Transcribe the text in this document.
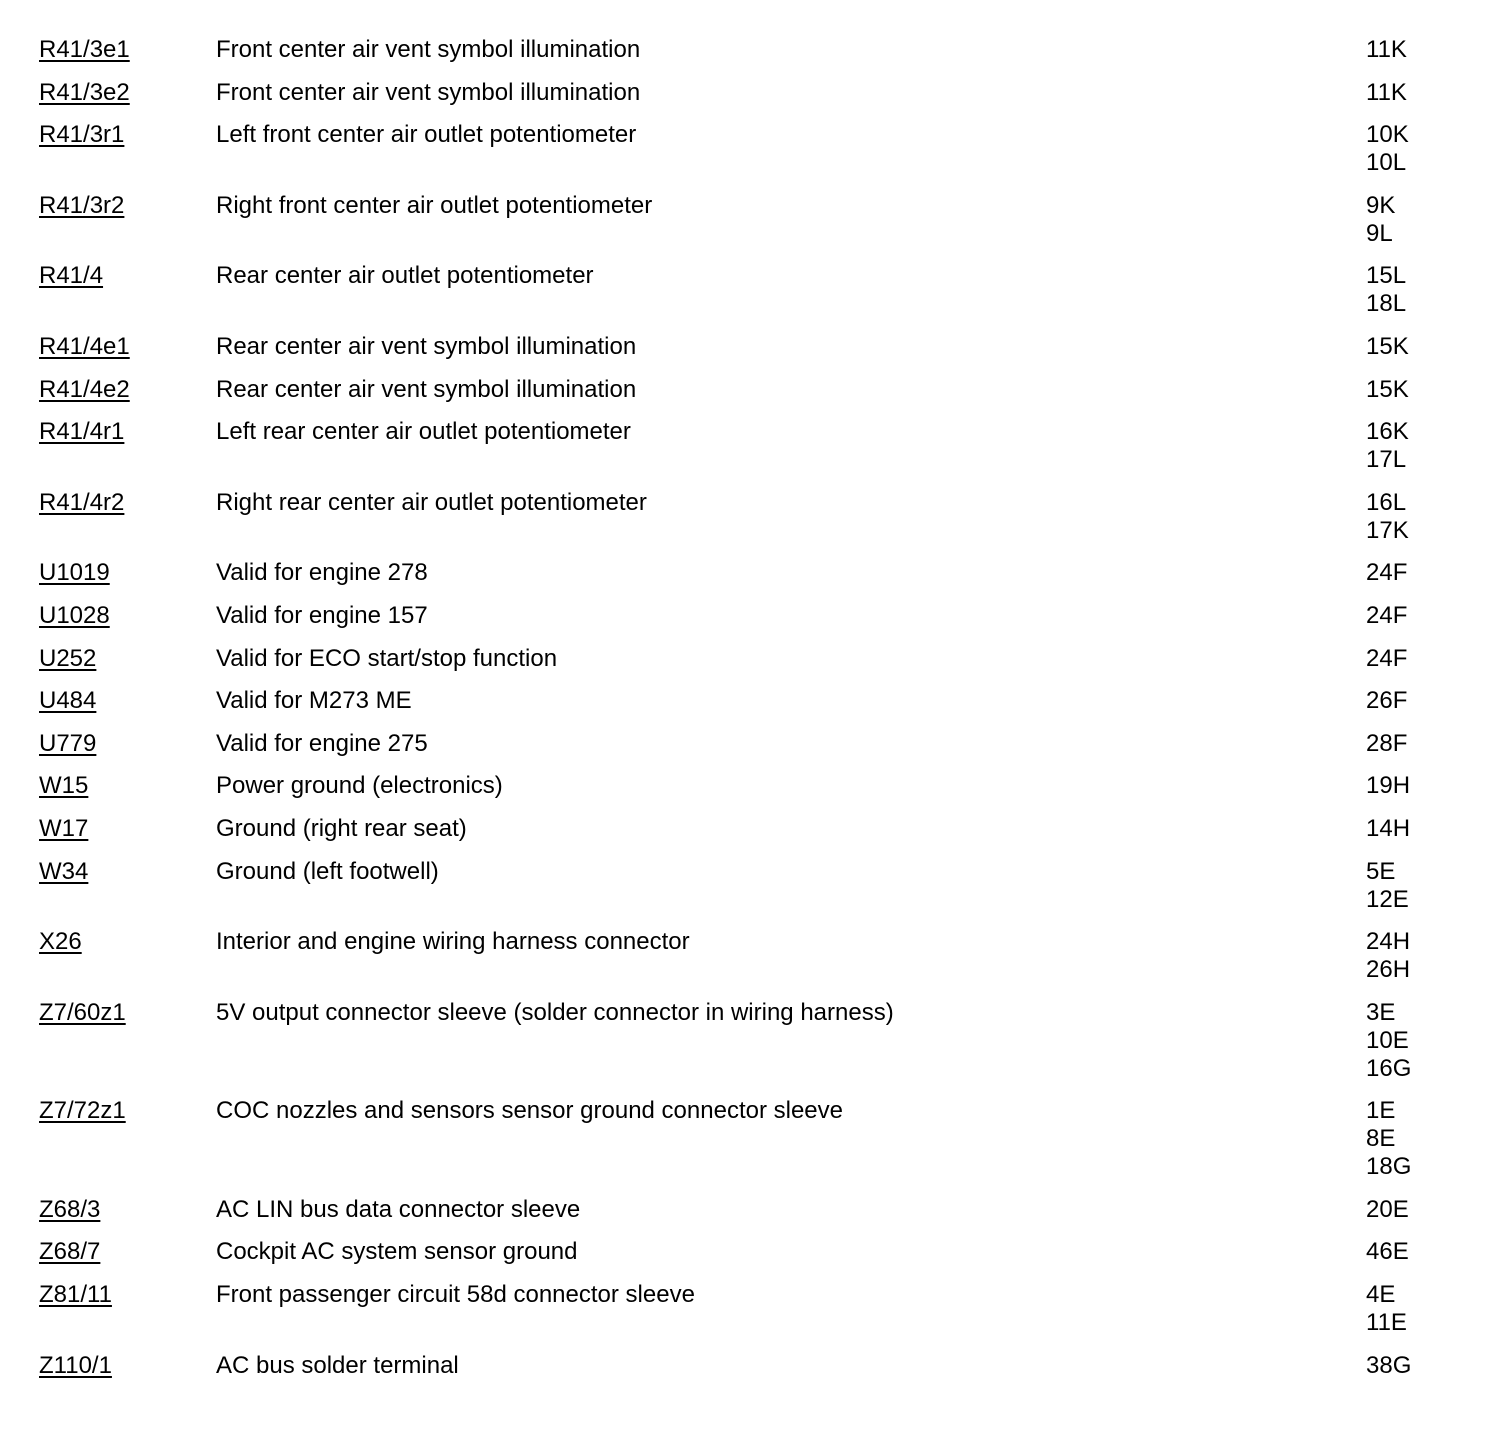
R41/3e1	Front center air vent symbol illumination	11K
R41/3e2	Front center air vent symbol illumination	11K
R41/3r1	Left front center air outlet potentiometer	10K
10L
R41/3r2	Right front center air outlet potentiometer	9K
9L
R41/4	Rear center air outlet potentiometer	15L
18L
R41/4e1	Rear center air vent symbol illumination	15K
R41/4e2	Rear center air vent symbol illumination	15K
R41/4r1	Left rear center air outlet potentiometer	16K
17L
R41/4r2	Right rear center air outlet potentiometer	16L
17K
U1019	Valid for engine 278	24F
U1028	Valid for engine 157	24F
U252	Valid for ECO start/stop function	24F
U484	Valid for M273 ME	26F
U779	Valid for engine 275	28F
W15	Power ground (electronics)	19H
W17	Ground (right rear seat)	14H
W34	Ground (left footwell)	5E
12E
X26	Interior and engine wiring harness connector	24H
26H
Z7/60z1	5V output connector sleeve (solder connector in wiring harness)	3E
10E
16G
Z7/72z1	COC nozzles and sensors sensor ground connector sleeve	1E
8E
18G
Z68/3	AC LIN bus data connector sleeve	20E
Z68/7	Cockpit AC system sensor ground	46E
Z81/11	Front passenger circuit 58d connector sleeve	4E
11E
Z110/1	AC bus solder terminal	38G
